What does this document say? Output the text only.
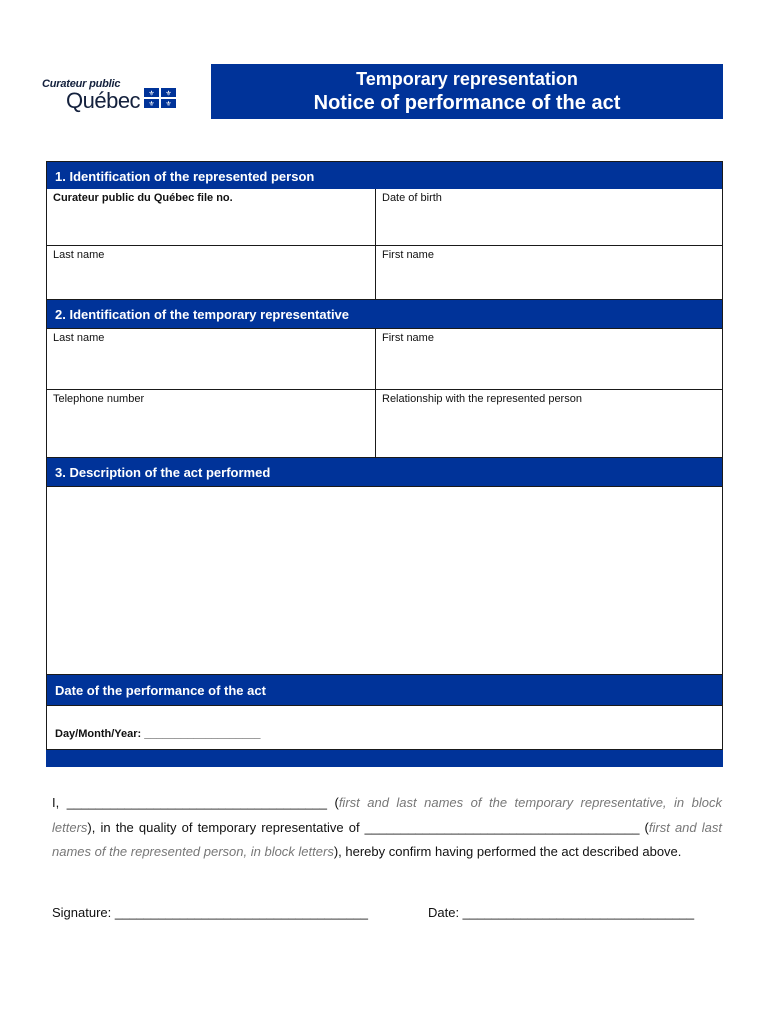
Curateur public
Québec ⚜ ⚜
⚜ ⚜
Temporary representation
Notice of performance of the act
1. Identification of the represented person
Curateur public du Québec file no.	Date of birth
Last name	First name
2. Identification of the temporary representative
Last name	First name
Telephone number	Relationship with the represented person
3. Description of the act performed
Date of the performance of the act
Day/Month/Year: ___________________
I, ____________________________________ (first and last names of the temporary representative, in block letters), in the quality of temporary representative of ______________________________________ (first and last names of the represented person, in block letters), hereby confirm having performed the act described above.
Signature: ___________________________________	Date: ________________________________
